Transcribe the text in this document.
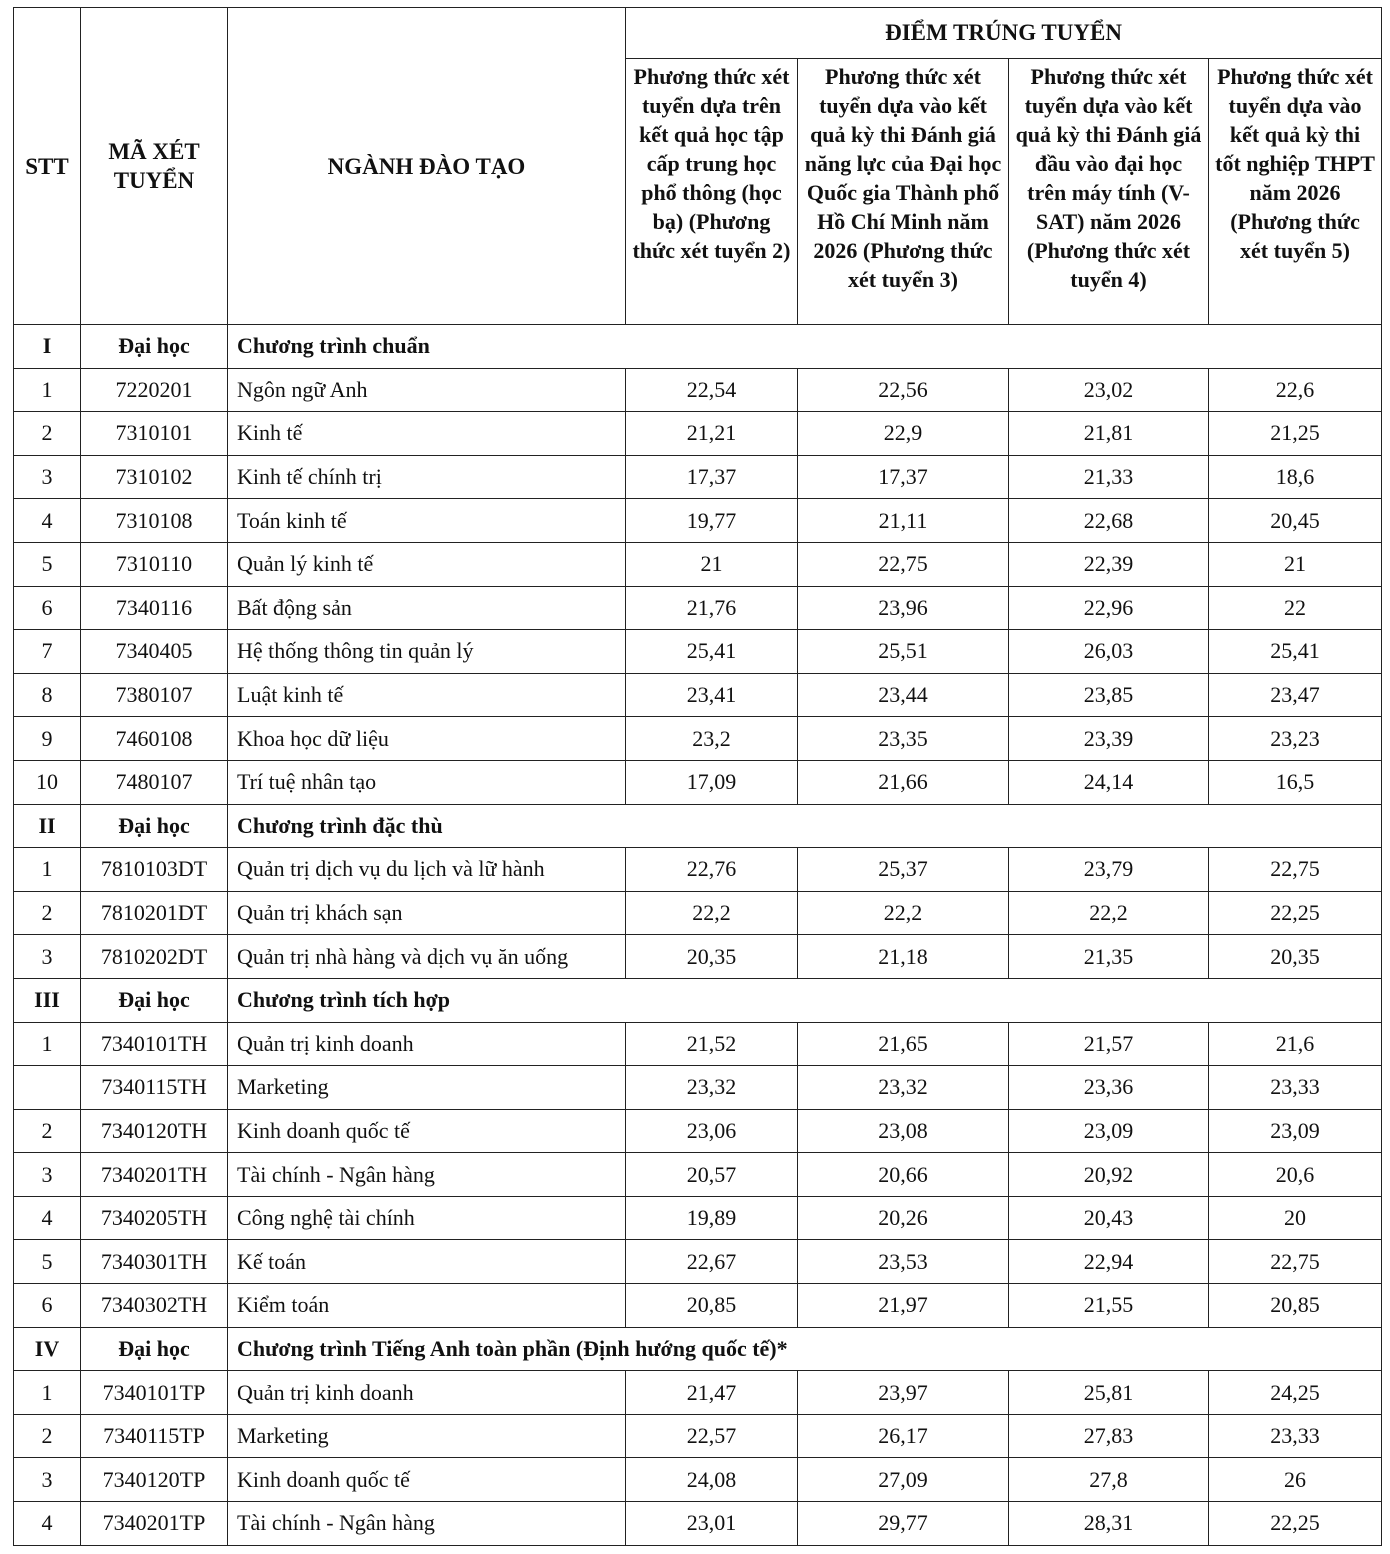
STT	MÃ XÉT TUYỂN	NGÀNH ĐÀO TẠO	ĐIỂM TRÚNG TUYỂN			
			Phương thức xét tuyển dựa trên kết quả học tập cấp trung học phổ thông (học bạ) (Phương thức xét tuyển 2)	Phương thức xét tuyển dựa vào kết quả kỳ thi Đánh giá năng lực của Đại học Quốc gia Thành phố Hồ Chí Minh năm 2026 (Phương thức xét tuyển 3)	Phương thức xét tuyển dựa vào kết quả kỳ thi Đánh giá đầu vào đại học trên máy tính (V-SAT) năm 2026 (Phương thức xét tuyển 4)	Phương thức xét tuyển dựa vào kết quả kỳ thi tốt nghiệp THPT năm 2026 (Phương thức xét tuyển 5)
I	Đại học	Chương trình chuẩn				
1	7220201	Ngôn ngữ Anh	22,54	22,56	23,02	22,6
2	7310101	Kinh tế	21,21	22,9	21,81	21,25
3	7310102	Kinh tế chính trị	17,37	17,37	21,33	18,6
4	7310108	Toán kinh tế	19,77	21,11	22,68	20,45
5	7310110	Quản lý kinh tế	21	22,75	22,39	21
6	7340116	Bất động sản	21,76	23,96	22,96	22
7	7340405	Hệ thống thông tin quản lý	25,41	25,51	26,03	25,41
8	7380107	Luật kinh tế	23,41	23,44	23,85	23,47
9	7460108	Khoa học dữ liệu	23,2	23,35	23,39	23,23
10	7480107	Trí tuệ nhân tạo	17,09	21,66	24,14	16,5
II	Đại học	Chương trình đặc thù				
1	7810103DT	Quản trị dịch vụ du lịch và lữ hành	22,76	25,37	23,79	22,75
2	7810201DT	Quản trị khách sạn	22,2	22,2	22,2	22,25
3	7810202DT	Quản trị nhà hàng và dịch vụ ăn uống	20,35	21,18	21,35	20,35
III	Đại học	Chương trình tích hợp				
1	7340101TH	Quản trị kinh doanh	21,52	21,65	21,57	21,6
	7340115TH	Marketing	23,32	23,32	23,36	23,33
2	7340120TH	Kinh doanh quốc tế	23,06	23,08	23,09	23,09
3	7340201TH	Tài chính - Ngân hàng	20,57	20,66	20,92	20,6
4	7340205TH	Công nghệ tài chính	19,89	20,26	20,43	20
5	7340301TH	Kế toán	22,67	23,53	22,94	22,75
6	7340302TH	Kiểm toán	20,85	21,97	21,55	20,85
IV	Đại học	Chương trình Tiếng Anh toàn phần (Định hướng quốc tế)*				
1	7340101TP	Quản trị kinh doanh	21,47	23,97	25,81	24,25
2	7340115TP	Marketing	22,57	26,17	27,83	23,33
3	7340120TP	Kinh doanh quốc tế	24,08	27,09	27,8	26
4	7340201TP	Tài chính - Ngân hàng	23,01	29,77	28,31	22,25
